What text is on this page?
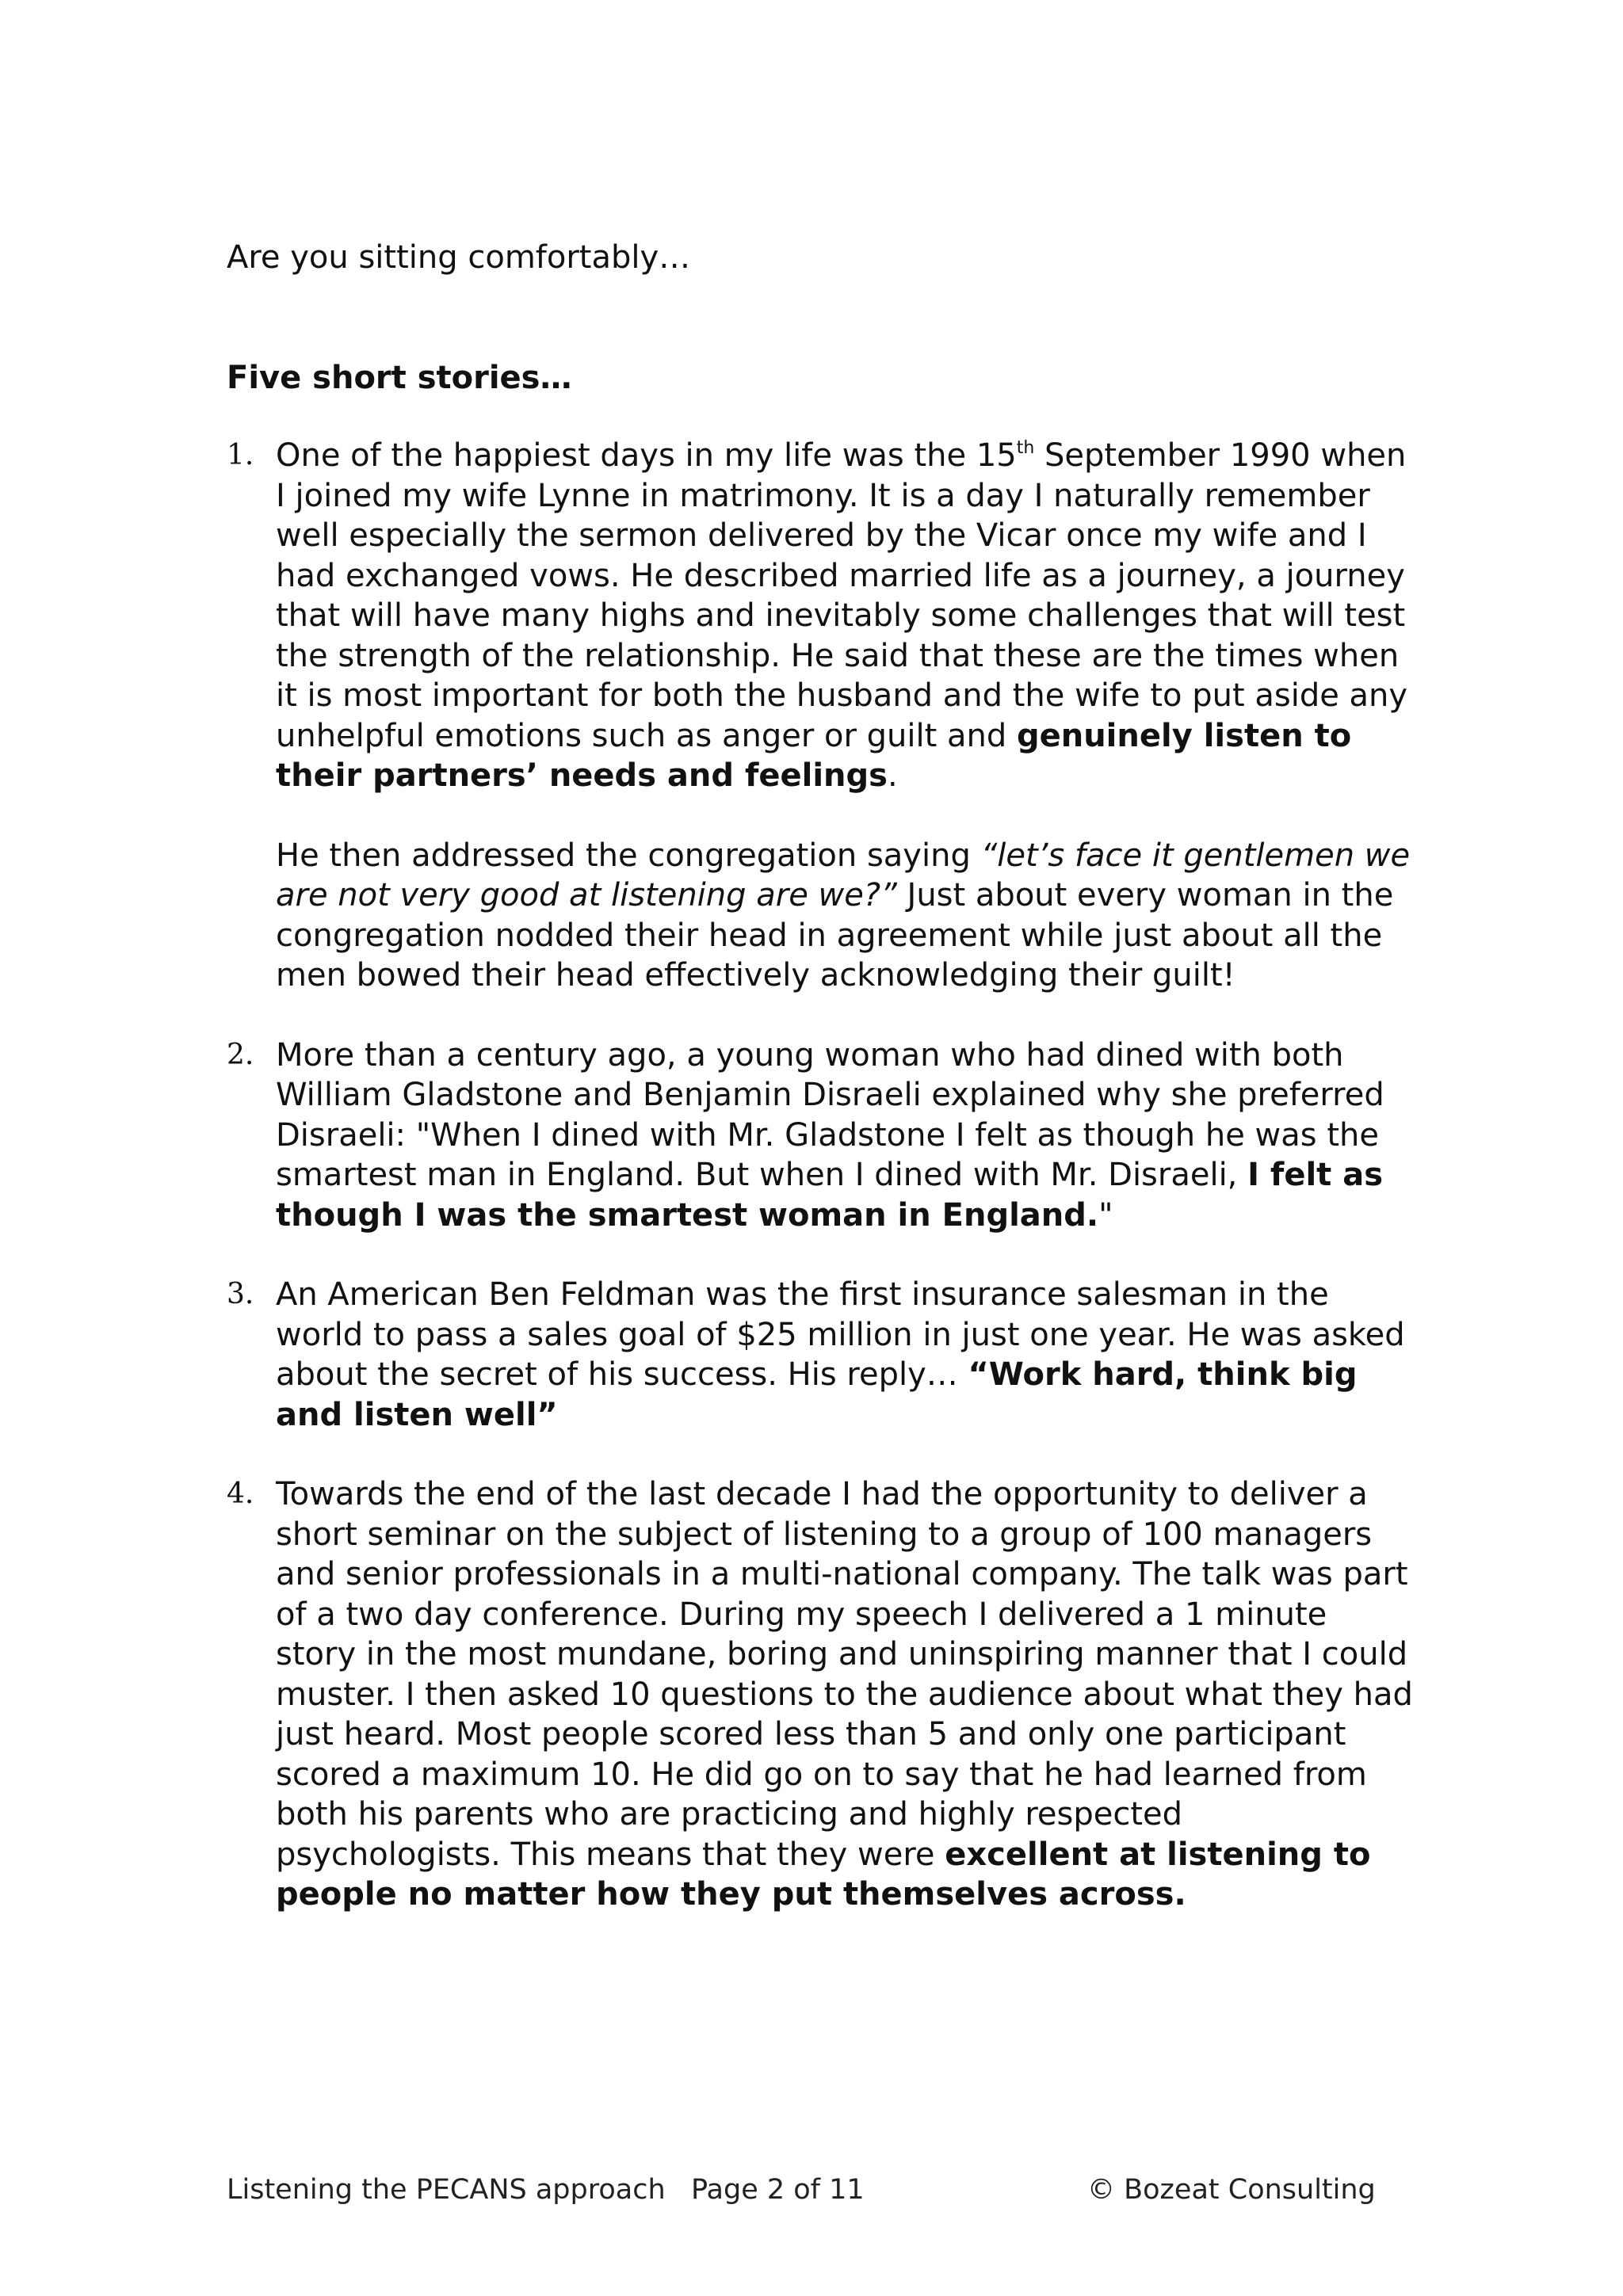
Are you sitting comfortably…

Five short stories…

1. One of the happiest days in my life was the 15th September 1990 when I joined my wife Lynne in matrimony. It is a day I naturally remember well especially the sermon delivered by the Vicar once my wife and I had exchanged vows. He described married life as a journey, a journey that will have many highs and inevitably some challenges that will test the strength of the relationship. He said that these are the times when it is most important for both the husband and the wife to put aside any unhelpful emotions such as anger or guilt and genuinely listen to their partners’ needs and feelings.

He then addressed the congregation saying “let’s face it gentlemen we are not very good at listening are we?” Just about every woman in the congregation nodded their head in agreement while just about all the men bowed their head effectively acknowledging their guilt!

2. More than a century ago, a young woman who had dined with both William Gladstone and Benjamin Disraeli explained why she preferred Disraeli: "When I dined with Mr. Gladstone I felt as though he was the smartest man in England. But when I dined with Mr. Disraeli, I felt as though I was the smartest woman in England."

3. An American Ben Feldman was the first insurance salesman in the world to pass a sales goal of $25 million in just one year. He was asked about the secret of his success. His reply… “Work hard, think big and listen well”

4. Towards the end of the last decade I had the opportunity to deliver a short seminar on the subject of listening to a group of 100 managers and senior professionals in a multi-national company. The talk was part of a two day conference. During my speech I delivered a 1 minute story in the most mundane, boring and uninspiring manner that I could muster. I then asked 10 questions to the audience about what they had just heard. Most people scored less than 5 and only one participant scored a maximum 10. He did go on to say that he had learned from both his parents who are practicing and highly respected psychologists. This means that they were excellent at listening to people no matter how they put themselves across.

Listening the PECANS approach Page 2 of 11	© Bozeat Consulting
